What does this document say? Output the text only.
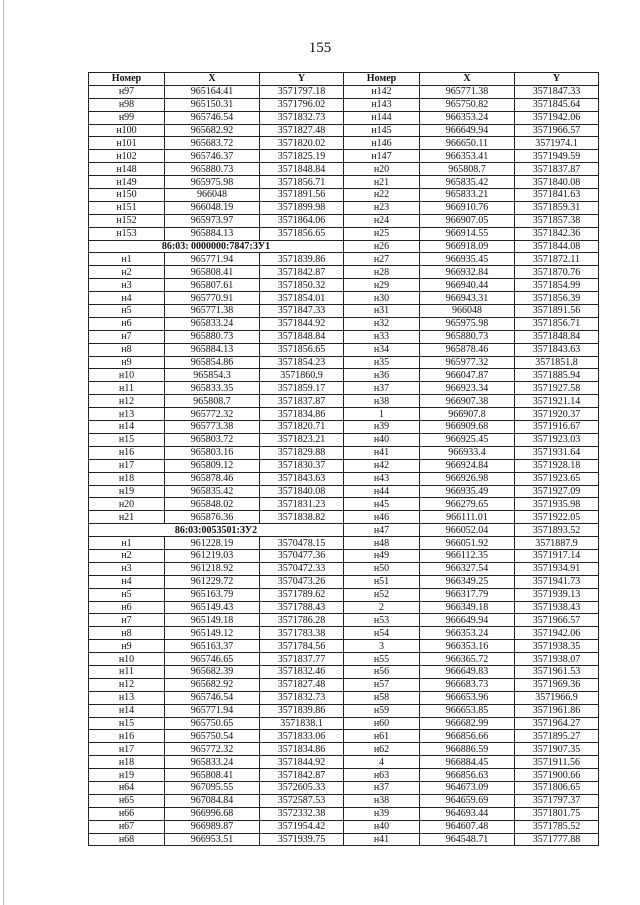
155
Номер	X	Y	Номер	X	Y
н97	965164.41	3571797.18	н142	965771.38	3571847.33
н98	965150.31	3571796.02	н143	965750.82	3571845.64
н99	965746.54	3571832.73	н144	966353.24	3571942.06
н100	965682.92	3571827.48	н145	966649.94	3571966.57
н101	965683.72	3571820.02	н146	966650.11	3571974.1
н102	965746.37	3571825.19	н147	966353.41	3571949.59
н148	965880.73	3571848.84	н20	965808.7	3571837.87
н149	965975.98	3571856.71	н21	965835.42	3571840.08
н150	966048	3571891.56	н22	965833.21	3571841.63
н151	966048.19	3571899.98	н23	966910.76	3571859.31
н152	965973.97	3571864.06	н24	966907.05	3571857.38
н153	965884.13	3571856.65	н25	966914.55	3571842.36
86:03: 0000000:7847:ЗУ1			н26	966918.09	3571844.08
н1	965771.94	3571839.86	н27	966935.45	3571872.11
н2	965808.41	3571842.87	н28	966932.84	3571870.76
н3	965807.61	3571850.32	н29	966940.44	3571854.99
н4	965770.91	3571854.01	н30	966943.31	3571856.39
н5	965771.38	3571847.33	н31	966048	3571891.56
н6	965833.24	3571844.92	н32	965975.98	3571856.71
н7	965880.73	3571848.84	н33	965880.73	3571848.84
н8	965884.13	3571856.65	н34	965878.46	3571843.63
н9	965854.86	3571854.23	н35	965977.32	3571851.8
н10	965854.3	3571860.9	н36	966047.87	3571885.94
н11	965833.35	3571859.17	н37	966923.34	3571927.58
н12	965808.7	3571837.87	н38	966907.38	3571921.14
н13	965772.32	3571834.86	1	966907.8	3571920.37
н14	965773.38	3571820.71	н39	966909.68	3571916.67
н15	965803.72	3571823.21	н40	966925.45	3571923.03
н16	965803.16	3571829.88	н41	966933.4	3571931.64
н17	965809.12	3571830.37	н42	966924.84	3571928.18
н18	965878.46	3571843.63	н43	966926.98	3571923.65
н19	965835.42	3571840.08	н44	966935.49	3571927.09
н20	965848.02	3571831.23	н45	966279.65	3571935.98
н21	965876.36	3571838.82	н46	966111.01	3571922.05
86:03:0053501:ЗУ2			н47	966052.04	3571893.52
н1	961228.19	3570478.15	н48	966051.92	3571887.9
н2	961219.03	3570477.36	н49	966112.35	3571917.14
н3	961218.92	3570472.33	н50	966327.54	3571934.91
н4	961229.72	3570473.26	н51	966349.25	3571941.73
н5	965163.79	3571789.62	н52	966317.79	3571939.13
н6	965149.43	3571788.43	2	966349.18	3571938.43
н7	965149.18	3571786.28	н53	966649.94	3571966.57
н8	965149.12	3571783.38	н54	966353.24	3571942.06
н9	965163.37	3571784.56	3	966353.16	3571938.35
н10	965746.65	3571837.77	н55	966365.72	3571938.07
н11	965682.39	3571832.46	н56	966649.83	3571961.53
н12	965682.92	3571827.48	н57	966683.73	3571969.36
н13	965746.54	3571832.73	н58	966653.96	3571966.9
н14	965771.94	3571839.86	н59	966653.85	3571961.86
н15	965750.65	3571838.1	н60	966682.99	3571964.27
н16	965750.54	3571833.06	н61	966856.66	3571895.27
н17	965772.32	3571834.86	н62	966886.59	3571907.35
н18	965833.24	3571844.92	4	966884.45	3571911.56
н19	965808.41	3571842.87	н63	966856.63	3571900.66
н64	967095.55	3572605.33	н37	964673.09	3571806.65
н65	967084.84	3572587.53	н38	964659.69	3571797.37
н66	966996.68	3572332.38	н39	964693.44	3571801.75
н67	966989.87	3571954.42	н40	964607.48	3571785.52
н68	966953.51	3571939.75	н41	964548.71	3571777.88
